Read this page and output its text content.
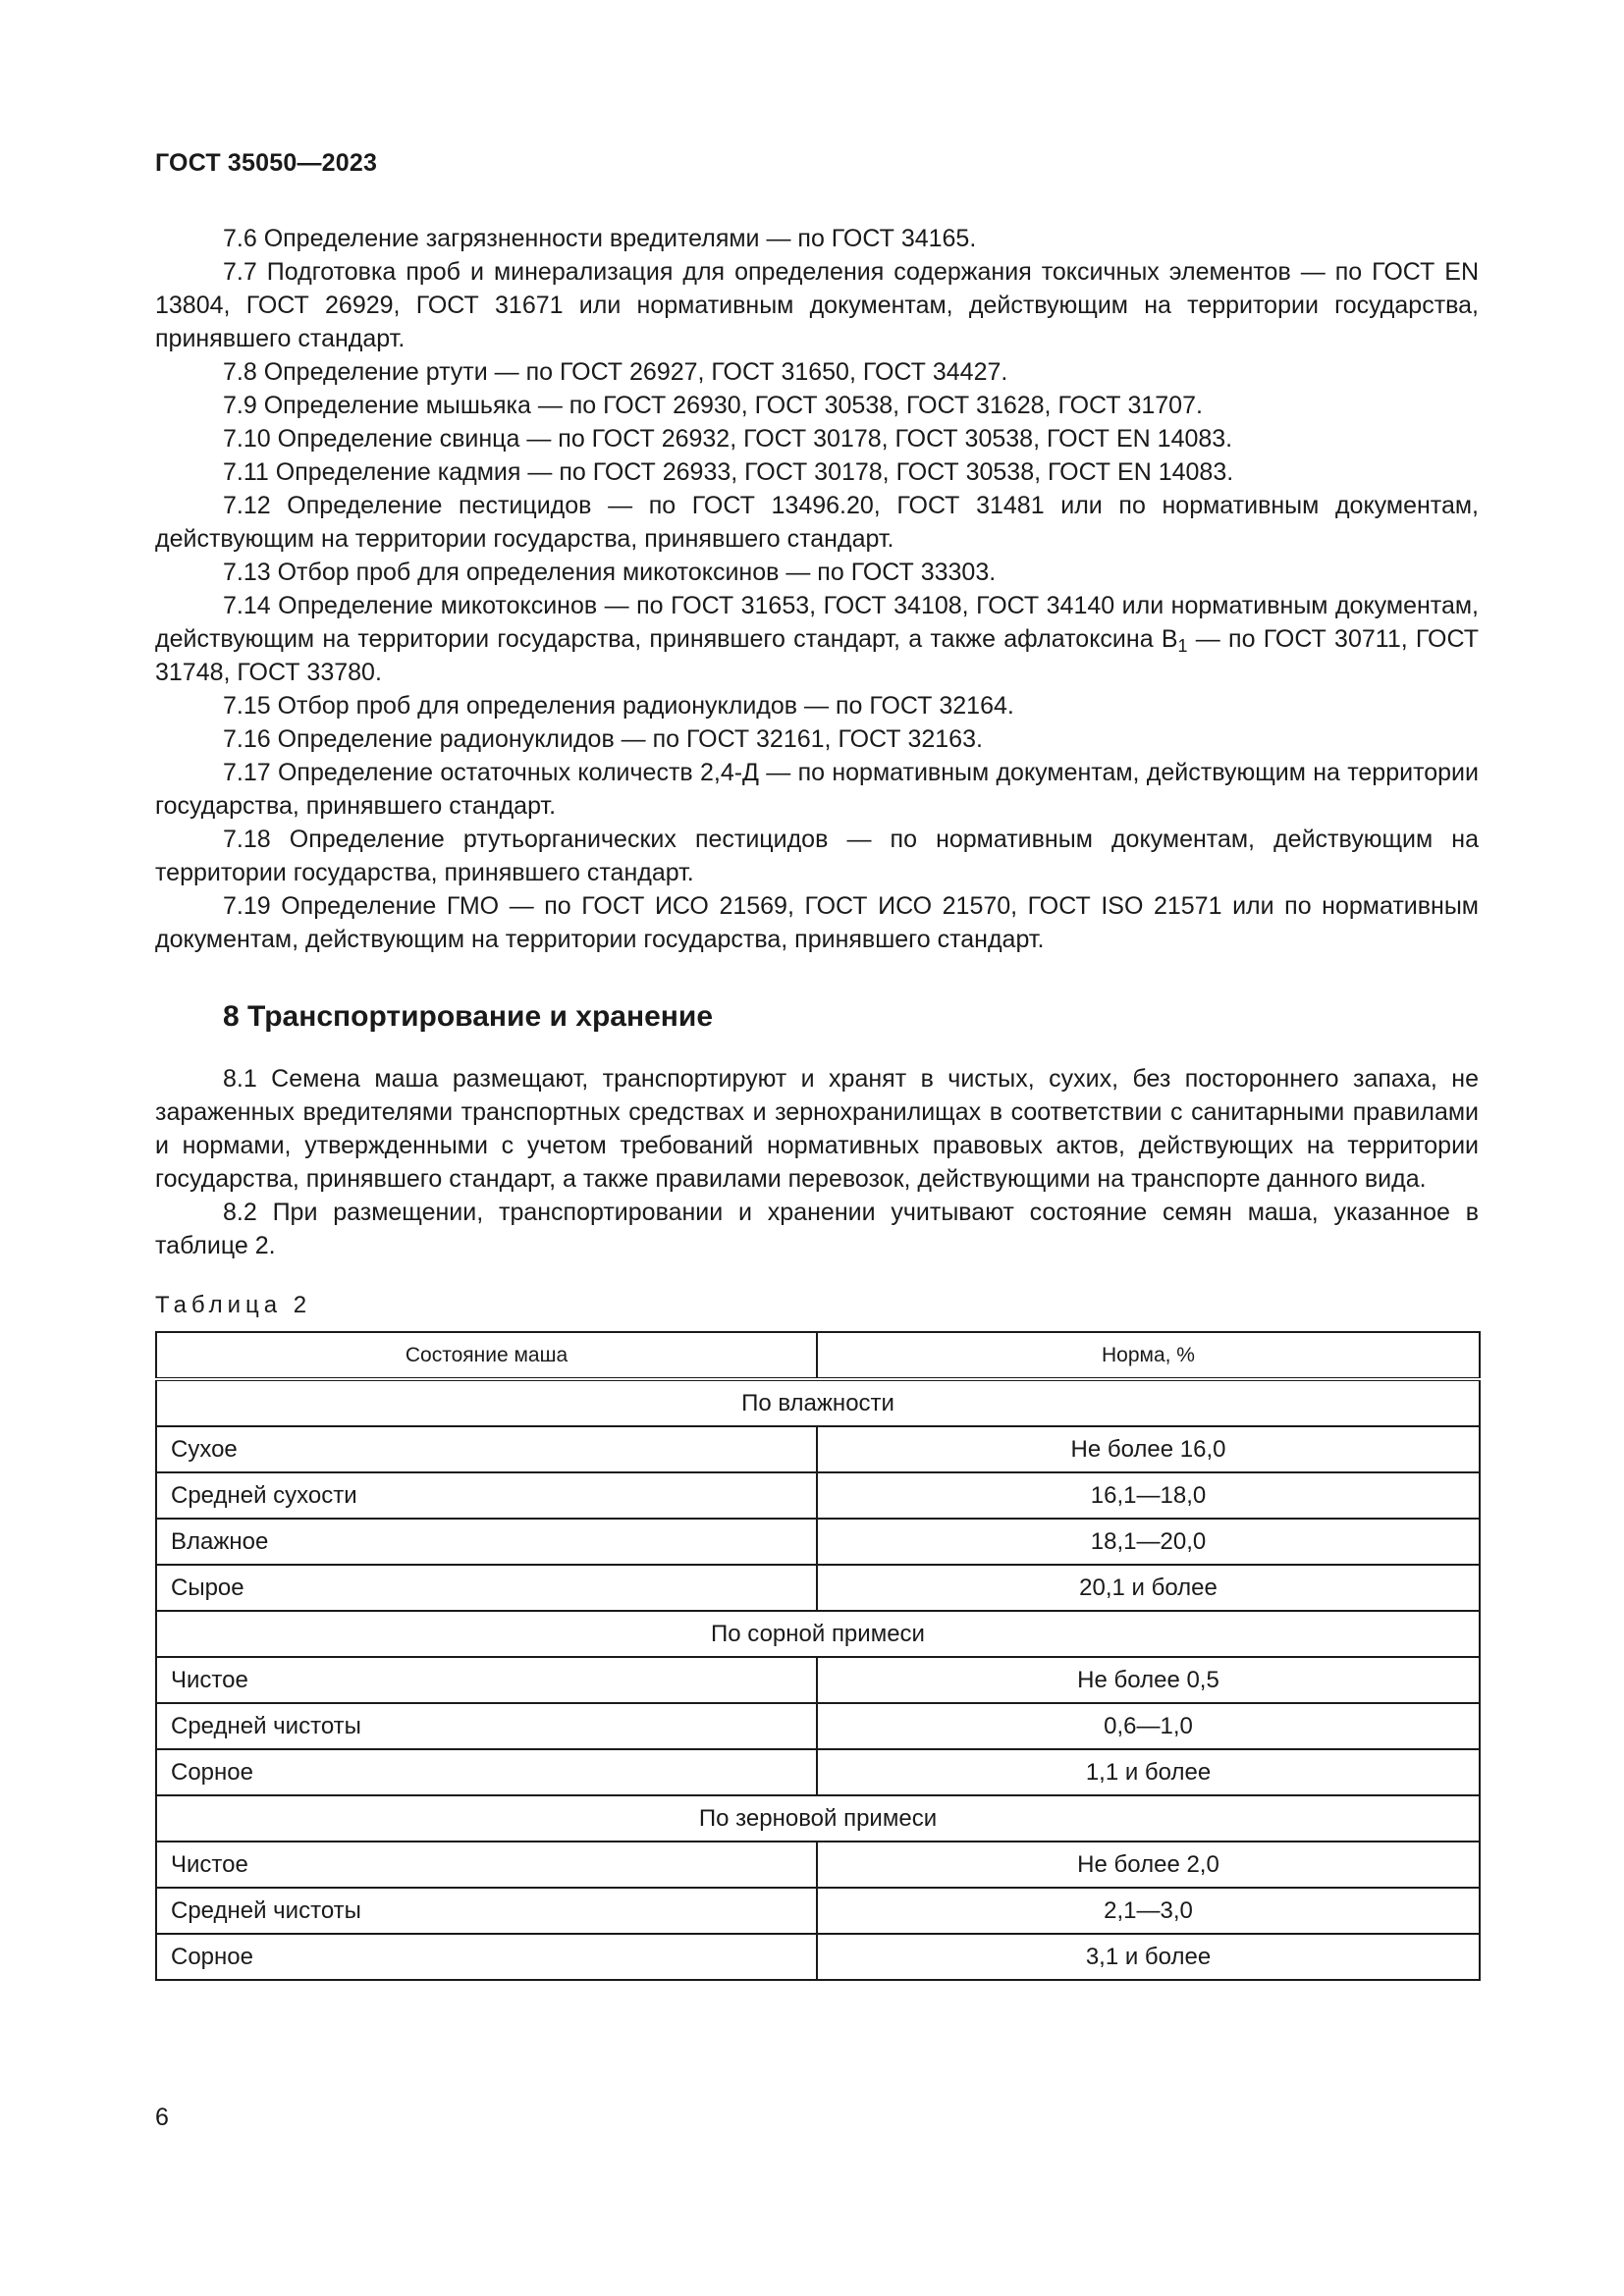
ГОСТ 35050—2023

7.6 Определение загрязненности вредителями — по ГОСТ 34165.

7.7 Подготовка проб и минерализация для определения содержания токсичных элементов — по ГОСТ EN 13804, ГОСТ 26929, ГОСТ 31671 или нормативным документам, действующим на территории государства, принявшего стандарт.

7.8 Определение ртути — по ГОСТ 26927, ГОСТ 31650, ГОСТ 34427.

7.9 Определение мышьяка — по ГОСТ 26930, ГОСТ 30538, ГОСТ 31628, ГОСТ 31707.

7.10 Определение свинца — по ГОСТ 26932, ГОСТ 30178, ГОСТ 30538, ГОСТ EN 14083.

7.11 Определение кадмия — по ГОСТ 26933, ГОСТ 30178, ГОСТ 30538, ГОСТ EN 14083.

7.12 Определение пестицидов — по ГОСТ 13496.20, ГОСТ 31481 или по нормативным документам, действующим на территории государства, принявшего стандарт.

7.13 Отбор проб для определения микотоксинов — по ГОСТ 33303.

7.14 Определение микотоксинов — по ГОСТ 31653, ГОСТ 34108, ГОСТ 34140 или нормативным документам, действующим на территории государства, принявшего стандарт, а также афлатоксина $B_1$ — по ГОСТ 30711, ГОСТ 31748, ГОСТ 33780.

7.15 Отбор проб для определения радионуклидов — по ГОСТ 32164.

7.16 Определение радионуклидов — по ГОСТ 32161, ГОСТ 32163.

7.17 Определение остаточных количеств 2,4-Д — по нормативным документам, действующим на территории государства, принявшего стандарт.

7.18 Определение ртутьорганических пестицидов — по нормативным документам, действующим на территории государства, принявшего стандарт.

7.19 Определение ГМО — по ГОСТ ИСО 21569, ГОСТ ИСО 21570, ГОСТ ISO 21571 или по нормативным документам, действующим на территории государства, принявшего стандарт.

8 Транспортирование и хранение

8.1 Семена маша размещают, транспортируют и хранят в чистых, сухих, без постороннего запаха, не зараженных вредителями транспортных средствах и зернохранилищах в соответствии с санитарными правилами и нормами, утвержденными с учетом требований нормативных правовых актов, действующих на территории государства, принявшего стандарт, а также правилами перевозок, действующими на транспорте данного вида.

8.2 При размещении, транспортировании и хранении учитывают состояние семян маша, указанное в таблице 2.

Таблица 2
Состояние маша	Норма, %
По влажности	
Сухое	Не более 16,0
Средней сухости	16,1—18,0
Влажное	18,1—20,0
Сырое	20,1 и более
По сорной примеси	
Чистое	Не более 0,5
Средней чистоты	0,6—1,0
Сорное	1,1 и более
По зерновой примеси	
Чистое	Не более 2,0
Средней чистоты	2,1—3,0
Сорное	3,1 и более
6
